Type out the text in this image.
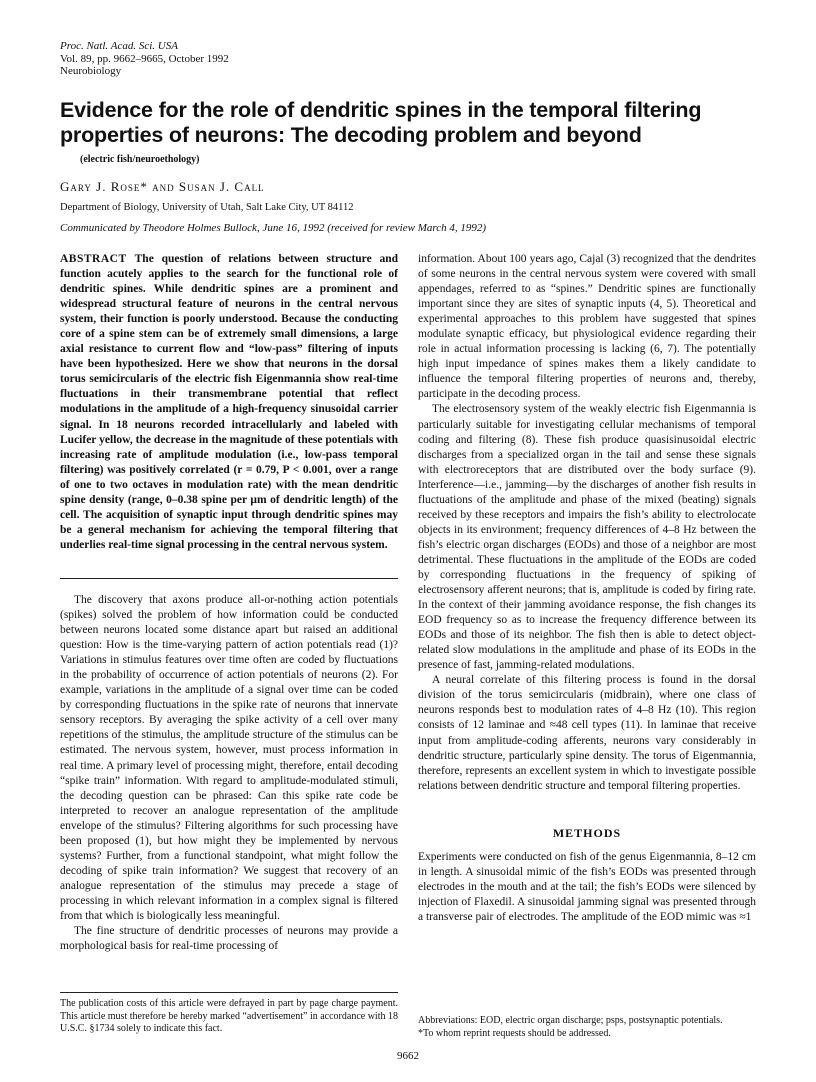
Proc. Natl. Acad. Sci. USA
Vol. 89, pp. 9662–9665, October 1992
Neurobiology
Evidence for the role of dendritic spines in the temporal filtering properties of neurons: The decoding problem and beyond
(electric fish/neuroethology)
Gary J. Rose* and Susan J. Call
Department of Biology, University of Utah, Salt Lake City, UT 84112
Communicated by Theodore Holmes Bullock, June 16, 1992 (received for review March 4, 1992)
ABSTRACT The question of relations between structure and function acutely applies to the search for the functional role of dendritic spines. While dendritic spines are a prominent and widespread structural feature of neurons in the central nervous system, their function is poorly understood. Because the conducting core of a spine stem can be of extremely small dimensions, a large axial resistance to current flow and “low-pass” filtering of inputs have been hypothesized. Here we show that neurons in the dorsal torus semicircularis of the electric fish Eigenmannia show real-time fluctuations in their transmembrane potential that reflect modulations in the amplitude of a high-frequency sinusoidal carrier signal. In 18 neurons recorded intracellularly and labeled with Lucifer yellow, the decrease in the magnitude of these potentials with increasing rate of amplitude modulation (i.e., low-pass temporal filtering) was positively correlated (r = 0.79, P < 0.001, over a range of one to two octaves in modulation rate) with the mean dendritic spine density (range, 0–0.38 spine per μm of dendritic length) of the cell. The acquisition of synaptic input through dendritic spines may be a general mechanism for achieving the temporal filtering that underlies real-time signal processing in the central nervous system.

The discovery that axons produce all-or-nothing action potentials (spikes) solved the problem of how information could be conducted between neurons located some distance apart but raised an additional question: How is the time-varying pattern of action potentials read (1)? Variations in stimulus features over time often are coded by fluctuations in the probability of occurrence of action potentials of neurons (2). For example, variations in the amplitude of a signal over time can be coded by corresponding fluctuations in the spike rate of neurons that innervate sensory receptors. By averaging the spike activity of a cell over many repetitions of the stimulus, the amplitude structure of the stimulus can be estimated. The nervous system, however, must process information in real time. A primary level of processing might, therefore, entail decoding “spike train” information. With regard to amplitude-modulated stimuli, the decoding question can be phrased: Can this spike rate code be interpreted to recover an analogue representation of the amplitude envelope of the stimulus? Filtering algorithms for such processing have been proposed (1), but how might they be implemented by nervous systems? Further, from a functional standpoint, what might follow the decoding of spike train information? We suggest that recovery of an analogue representation of the stimulus may precede a stage of processing in which relevant information in a complex signal is filtered from that which is biologically less meaningful.

The fine structure of dendritic processes of neurons may provide a morphological basis for real-time processing of

The publication costs of this article were defrayed in part by page charge payment. This article must therefore be hereby marked “advertisement” in accordance with 18 U.S.C. §1734 solely to indicate this fact.

information. About 100 years ago, Cajal (3) recognized that the dendrites of some neurons in the central nervous system were covered with small appendages, referred to as “spines.” Dendritic spines are functionally important since they are sites of synaptic inputs (4, 5). Theoretical and experimental approaches to this problem have suggested that spines modulate synaptic efficacy, but physiological evidence regarding their role in actual information processing is lacking (6, 7). The potentially high input impedance of spines makes them a likely candidate to influence the temporal filtering properties of neurons and, thereby, participate in the decoding process.

The electrosensory system of the weakly electric fish Eigenmannia is particularly suitable for investigating cellular mechanisms of temporal coding and filtering (8). These fish produce quasisinusoidal electric discharges from a specialized organ in the tail and sense these signals with electroreceptors that are distributed over the body surface (9). Interference—i.e., jamming—by the discharges of another fish results in fluctuations of the amplitude and phase of the mixed (beating) signals received by these receptors and impairs the fish’s ability to electrolocate objects in its environment; frequency differences of 4–8 Hz between the fish’s electric organ discharges (EODs) and those of a neighbor are most detrimental. These fluctuations in the amplitude of the EODs are coded by corresponding fluctuations in the frequency of spiking of electrosensory afferent neurons; that is, amplitude is coded by firing rate. In the context of their jamming avoidance response, the fish changes its EOD frequency so as to increase the frequency difference between its EODs and those of its neighbor. The fish then is able to detect object-related slow modulations in the amplitude and phase of its EODs in the presence of fast, jamming-related modulations.

A neural correlate of this filtering process is found in the dorsal division of the torus semicircularis (midbrain), where one class of neurons responds best to modulation rates of 4–8 Hz (10). This region consists of 12 laminae and ≈48 cell types (11). In laminae that receive input from amplitude-coding afferents, neurons vary considerably in dendritic structure, particularly spine density. The torus of Eigenmannia, therefore, represents an excellent system in which to investigate possible relations between dendritic structure and temporal filtering properties.

METHODS

Experiments were conducted on fish of the genus Eigenmannia, 8–12 cm in length. A sinusoidal mimic of the fish’s EODs was presented through electrodes in the mouth and at the tail; the fish’s EODs were silenced by injection of Flaxedil. A sinusoidal jamming signal was presented through a transverse pair of electrodes. The amplitude of the EOD mimic was ≈1

Abbreviations: EOD, electric organ discharge; psps, postsynaptic potentials.

*To whom reprint requests should be addressed.

9662
